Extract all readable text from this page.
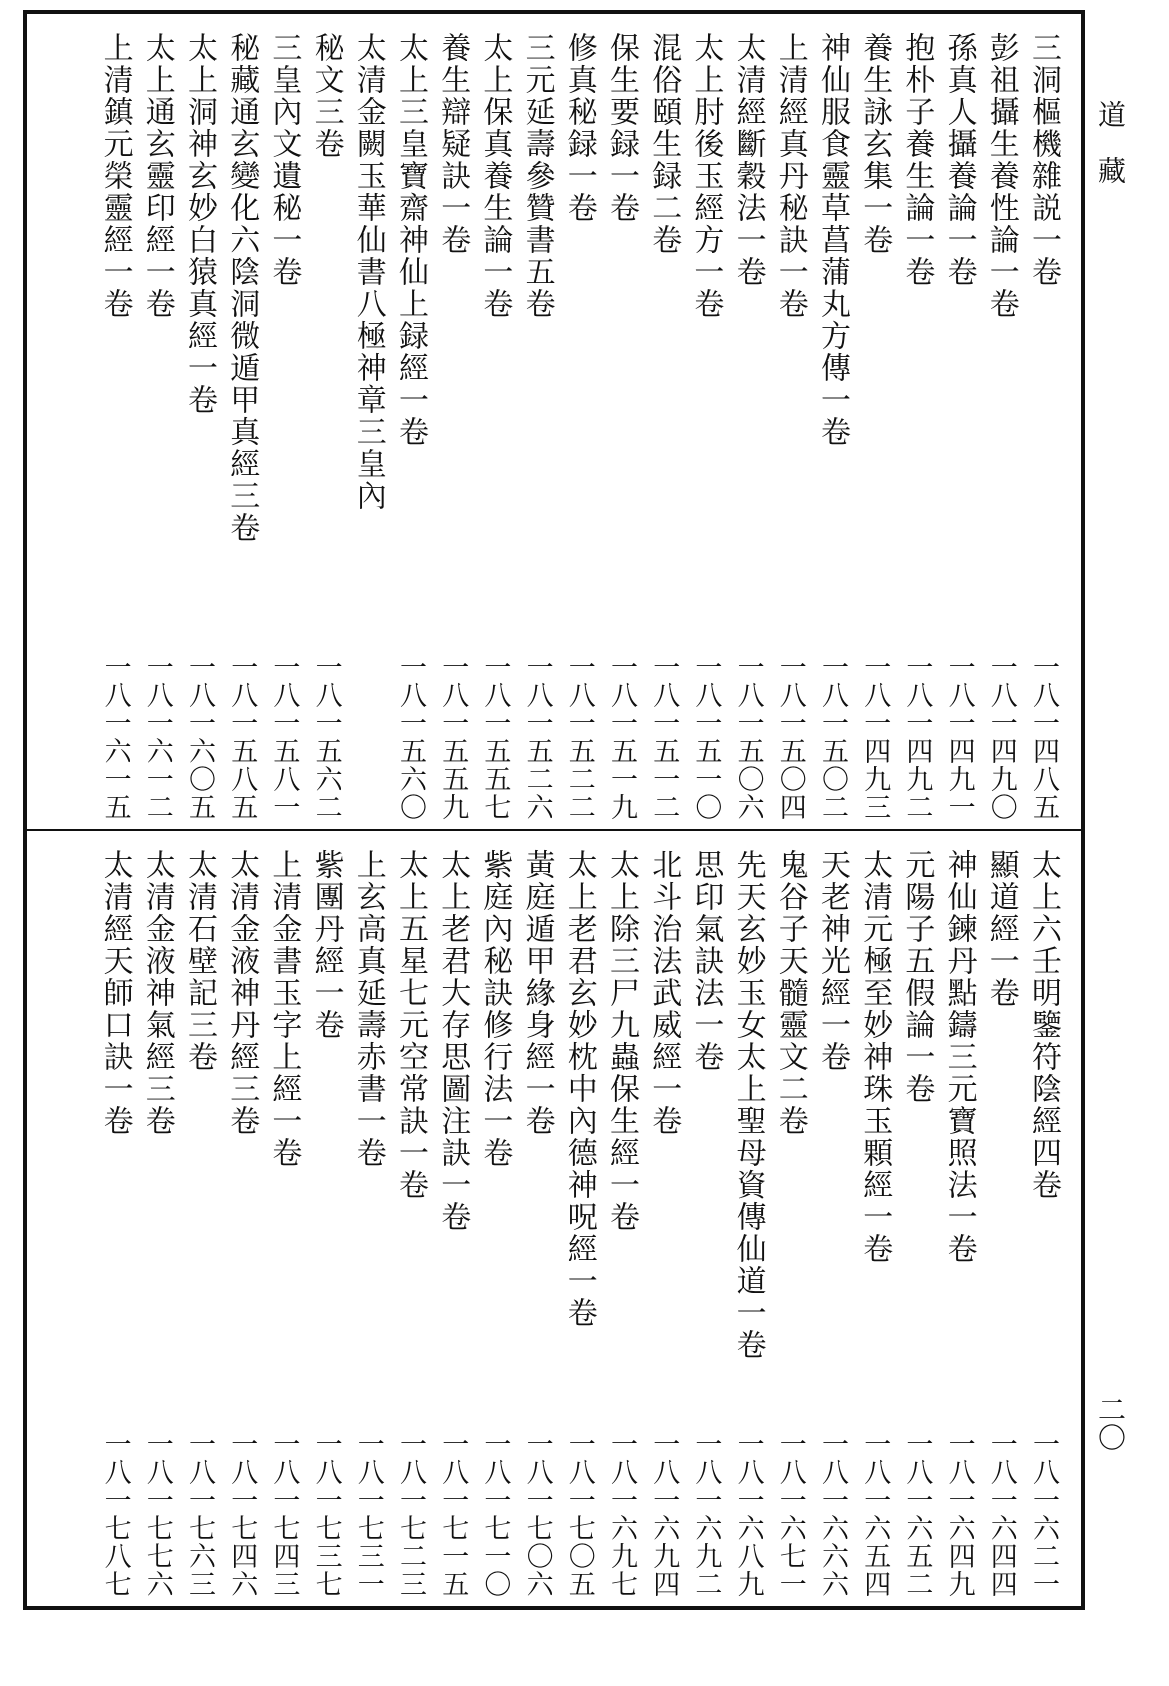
三洞樞機雜説一卷
一八一四八五
彭祖攝生養性論一卷
一八一四九〇
孫真人攝養論一卷
一八一四九一
抱朴子養生論一卷
一八一四九二
養生詠玄集一卷
一八一四九三
神仙服食靈草菖蒲丸方傳一卷
一八一五〇二
上清經真丹秘訣一卷
一八一五〇四
太清經斷穀法一卷
一八一五〇六
太上肘後玉經方一卷
一八一五一〇
混俗頤生録二卷
一八一五一二
保生要録一卷
一八一五一九
修真秘録一卷
一八一五二二
三元延壽參贊書五卷
一八一五二六
太上保真養生論一卷
一八一五五七
養生辯疑訣一卷
一八一五五九
太上三皇寶齋神仙上録經一卷
一八一五六〇
太清金闕玉華仙書八極神章三皇內
秘文三卷
一八一五六二
三皇內文遺秘一卷
一八一五八一
秘藏通玄變化六陰洞微遁甲真經三卷
一八一五八五
太上洞神玄妙白猿真經一卷
一八一六〇五
太上通玄靈印經一卷
一八一六一二
上清鎮元榮靈經一卷
一八一六一五
太上六壬明鑒符陰經四卷
一八一六二一
顯道經一卷
一八一六四四
神仙鍊丹點鑄三元寶照法一卷
一八一六四九
元陽子五假論一卷
一八一六五二
太清元極至妙神珠玉顆經一卷
一八一六五四
天老神光經一卷
一八一六六六
鬼谷子天髓靈文二卷
一八一六七一
先天玄妙玉女太上聖母資傳仙道一卷
一八一六八九
思印氣訣法一卷
一八一六九二
北斗治法武威經一卷
一八一六九四
太上除三尸九蟲保生經一卷
一八一六九七
太上老君玄妙枕中內德神呪經一卷
一八一七〇五
黃庭遁甲緣身經一卷
一八一七〇六
紫庭內秘訣修行法一卷
一八一七一〇
太上老君大存思圖注訣一卷
一八一七一五
太上五星七元空常訣一卷
一八一七二三
上玄高真延壽赤書一卷
一八一七三一
紫團丹經一卷
一八一七三七
上清金書玉字上經一卷
一八一七四三
太清金液神丹經三卷
一八一七四六
太清石壁記三卷
一八一七六三
太清金液神氣經三卷
一八一七七六
太清經天師口訣一卷
一八一七八七
道　藏
二〇
